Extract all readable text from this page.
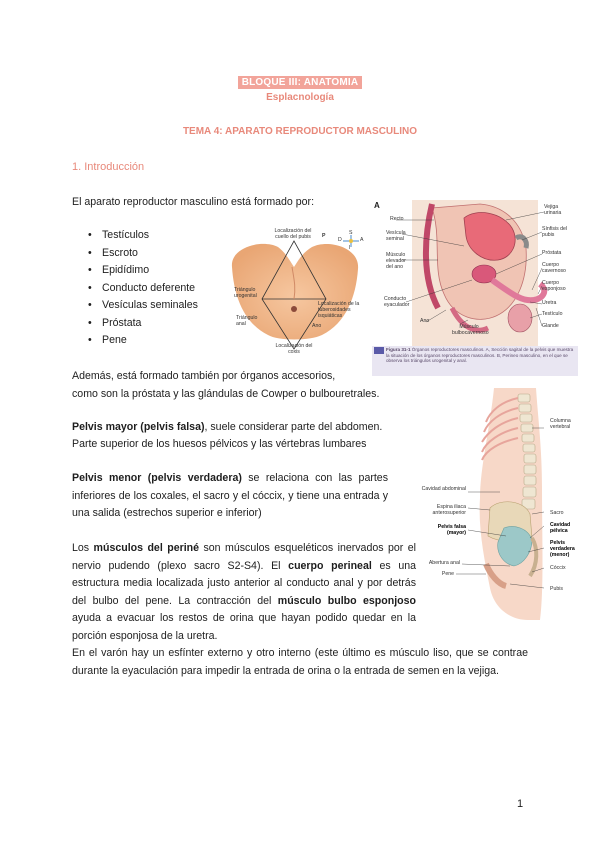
BLOQUE III: ANATOMIA
Esplacnología
TEMA 4: APARATO REPRODUCTOR MASCULINO
1. Introducción
El aparato reproductor masculino está formado por:
• Testículos
• Escroto
• Epidídimo
• Conducto deferente
• Vesículas seminales
• Próstata
• Pene
Localización del cuello del pubis
Triángulo urogenital
Localización de la tuberosidades isquiáticas
Triángulo anal	Ano
Localización del coxis
P	S
D	A
I
A
Recto
Vesícula seminal
Músculo elevador del ano
Conducto eyaculador
Ano
Músculo bulbocavernoso
Vejiga urinaria
Sínfisis del pubis
Próstata
Cuerpo cavernoso
Cuerpo esponjoso
Uretra
Testículo
Glande
Figura 31-1 Órganos reproductores masculinos. A, Sección sagital de la pelvis que muestra la situación de los órganos reproductores masculinos. B, Perineo masculino, en el que se observa los triángulos urogenital y anal.
Además, está formado también por órganos accesorios,
como son la próstata y las glándulas de Cowper o bulbouretrales.
Pelvis mayor (pelvis falsa), suele considerar parte del abdomen.
Parte superior de los huesos pélvicos y las vértebras lumbares
Pelvis menor (pelvis verdadera) se relaciona con las partes
inferiores de los coxales, el sacro y el cóccix, y tiene una entrada y
una salida (estrechos superior e inferior)
Columna vertebral
Cavidad abdominal
Espina iliaca anterosuperior
Pelvis falsa (mayor)
Abertura anal
Pene
Sacro
Cavidad pélvica
Pelvis verdadera (menor)
Cóccix
Pubis
Los músculos del periné son músculos esqueléticos inervados por el nervio pudendo (plexo sacro S2-S4). El cuerpo perineal es una estructura media localizada justo anterior al conducto anal y por detrás del bulbo del pene. La contracción del músculo bulbo esponjoso ayuda a evacuar los restos de orina que hayan podido quedar en la porción esponjosa de la uretra.
En el varón hay un esfínter externo y otro interno (este último es músculo liso, que se contrae durante la eyaculación para impedir la entrada de orina o la entrada de semen en la vejiga.
1
